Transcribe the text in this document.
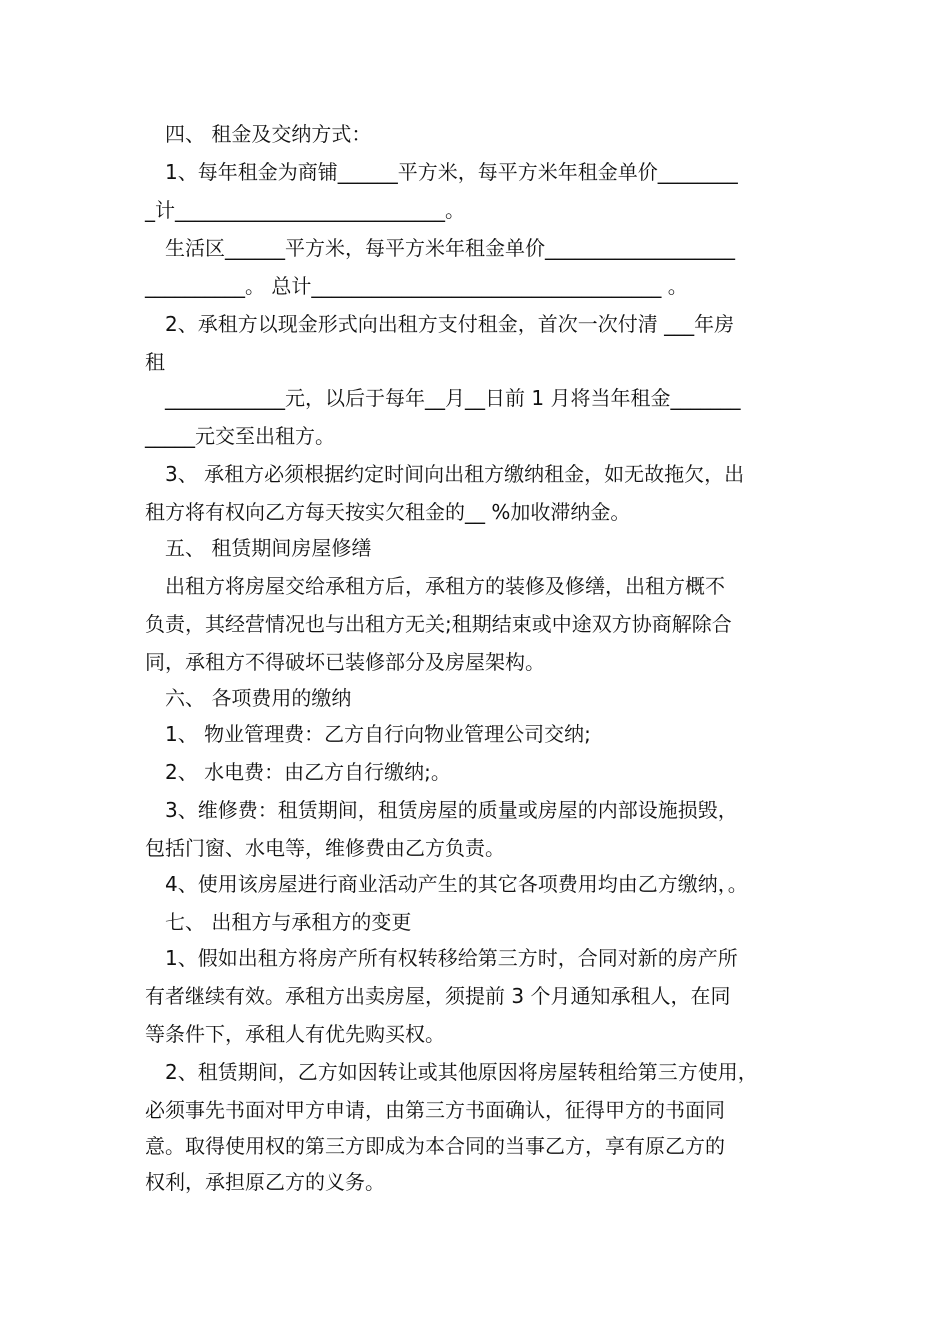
四、 租金及交纳方式：
1、每年租金为商铺______平方米，每平方米年租金单价________
_计___________________________。
生活区______平方米，每平方米年租金单价___________________
__________。 总计___________________________________ 。
2、承租方以现金形式向出租方支付租金，首次一次付清 ___年房
租
____________元，以后于每年__月__日前 1 月将当年租金_______
_____元交至出租方。
3、 承租方必须根据约定时间向出租方缴纳租金，如无故拖欠，出
租方将有权向乙方每天按实欠租金的__ %加收滞纳金。
五、 租赁期间房屋修缮
出租方将房屋交给承租方后，承租方的装修及修缮，出租方概不
负责，其经营情况也与出租方无关;租期结束或中途双方协商解除合
同，承租方不得破坏已装修部分及房屋架构。
六、 各项费用的缴纳
1、 物业管理费：乙方自行向物业管理公司交纳;
2、 水电费：由乙方自行缴纳;。
3、维修费：租赁期间，租赁房屋的质量或房屋的内部设施损毁，
包括门窗、水电等，维修费由乙方负责。
4、使用该房屋进行商业活动产生的其它各项费用均由乙方缴纳，。
七、 出租方与承租方的变更
1、假如出租方将房产所有权转移给第三方时，合同对新的房产所
有者继续有效。承租方出卖房屋，须提前 3 个月通知承租人，在同
等条件下，承租人有优先购买权。
2、租赁期间，乙方如因转让或其他原因将房屋转租给第三方使用，
必须事先书面对甲方申请，由第三方书面确认，征得甲方的书面同
意。取得使用权的第三方即成为本合同的当事乙方，享有原乙方的
权利，承担原乙方的义务。
